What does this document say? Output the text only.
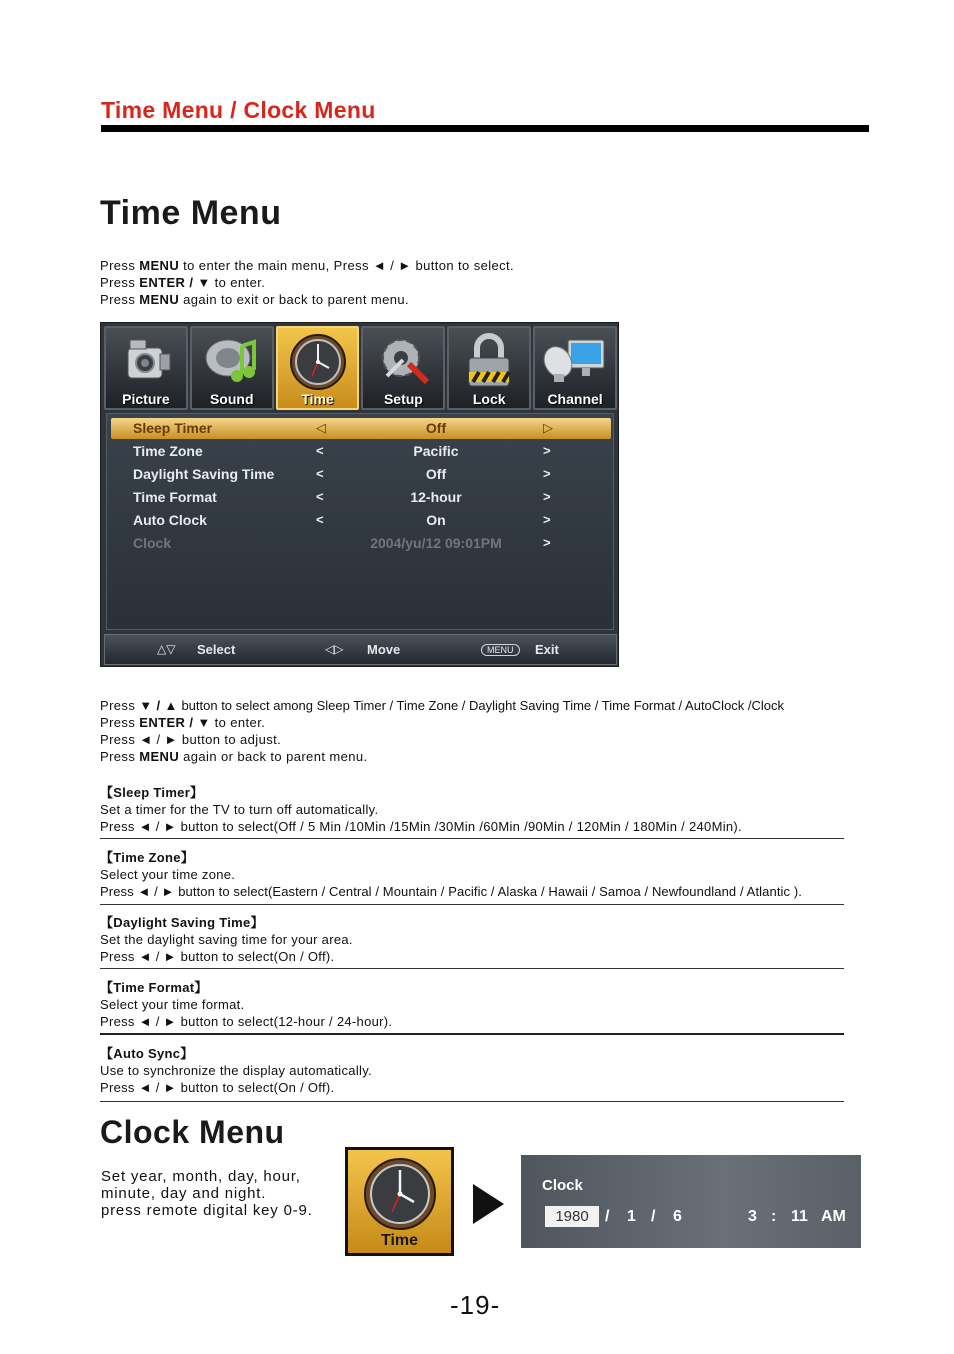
Time Menu / Clock Menu
Time Menu
Press MENU to enter the main menu, Press ◄ / ► button to select.
Press ENTER / ▼ to enter.
Press MENU again to exit or back to parent menu.
Picture	Sound	Time	Setup	Lock	Channel
Sleep Timer	◁	Off	▷
Time Zone	<	Pacific	>
Daylight Saving Time	<	Off	>
Time Format	<	12-hour	>
Auto Clock	<	On	>
Clock	2004/yu/12 09:01PM	>
△▽ Select	◁▷ Move	MENU	Exit
Press ▼ / ▲ button to select among Sleep Timer / Time Zone / Daylight Saving Time / Time Format / AutoClock /Clock
Press ENTER / ▼ to enter.
Press ◄ / ► button to adjust.
Press MENU again or back to parent menu.
【Sleep Timer】
Set a timer for the TV to turn off automatically.
Press ◄ / ► button to select(Off / 5 Min /10Min /15Min /30Min /60Min /90Min / 120Min / 180Min / 240Min).
【Time Zone】
Select your time zone.
Press ◄ / ► button to select(Eastern / Central / Mountain / Pacific / Alaska / Hawaii / Samoa / Newfoundland / Atlantic ).
【Daylight Saving Time】
Set the daylight saving time for your area.
Press ◄ / ► button to select(On / Off).
【Time Format】
Select your time format.
Press ◄ / ► button to select(12-hour / 24-hour).
【Auto Sync】
Use to synchronize the display automatically.
Press ◄ / ► button to select(On / Off).
Clock Menu
Set year, month, day, hour,
minute, day and night.
press remote digital key 0-9.
Time
Clock
1980	/ 1 / 6	3 : 11 AM
-19-
